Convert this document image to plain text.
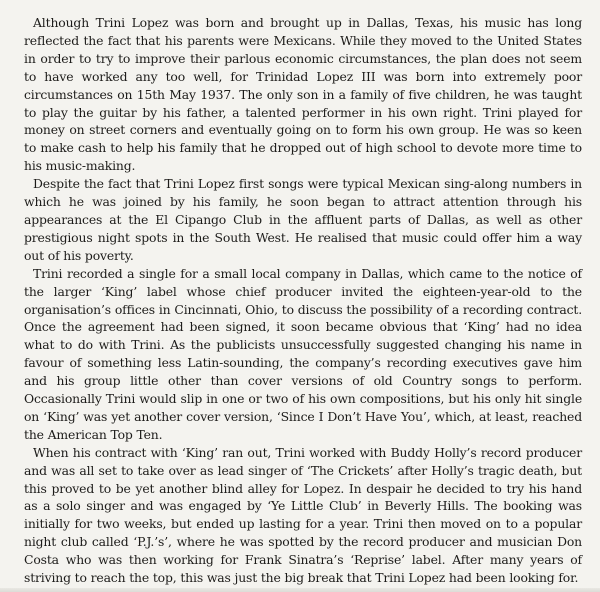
Although Trini Lopez was born and brought up in Dallas, Texas, his music has long reflected the fact that his parents were Mexicans. While they moved to the United States in order to try to improve their parlous economic circumstances, the plan does not seem to have worked any too well, for Trinidad Lopez III was born into extremely poor circumstances on 15th May 1937. The only son in a family of five children, he was taught to play the guitar by his father, a talented performer in his own right. Trini played for money on street corners and eventually going on to form his own group. He was so keen to make cash to help his family that he dropped out of high school to devote more time to his music-making.

Despite the fact that Trini Lopez first songs were typical Mexican sing-along numbers in which he was joined by his family, he soon began to attract attention through his appearances at the El Cipango Club in the affluent parts of Dallas, as well as other prestigious night spots in the South West. He realised that music could offer him a way out of his poverty.

Trini recorded a single for a small local company in Dallas, which came to the notice of the larger ‘King’ label whose chief producer invited the eighteen-year-old to the organisation’s offices in Cincinnati, Ohio, to discuss the possibility of a recording contract. Once the agreement had been signed, it soon became obvious that ‘King’ had no idea what to do with Trini. As the publicists unsuccessfully suggested changing his name in favour of something less Latin-sounding, the company’s recording executives gave him and his group little other than cover versions of old Country songs to perform. Occasionally Trini would slip in one or two of his own compositions, but his only hit single on ‘King’ was yet another cover version, ‘Since I Don’t Have You’, which, at least, reached the American Top Ten.

When his contract with ‘King’ ran out, Trini worked with Buddy Holly’s record producer and was all set to take over as lead singer of ‘The Crickets’ after Holly’s tragic death, but this proved to be yet another blind alley for Lopez. In despair he decided to try his hand as a solo singer and was engaged by ‘Ye Little Club’ in Beverly Hills. The booking was initially for two weeks, but ended up lasting for a year. Trini then moved on to a popular night club called ‘P.J.’s’, where he was spotted by the record producer and musician Don Costa who was then working for Frank Sinatra’s ‘Reprise’ label. After many years of striving to reach the top, this was just the big break that Trini Lopez had been looking for.
